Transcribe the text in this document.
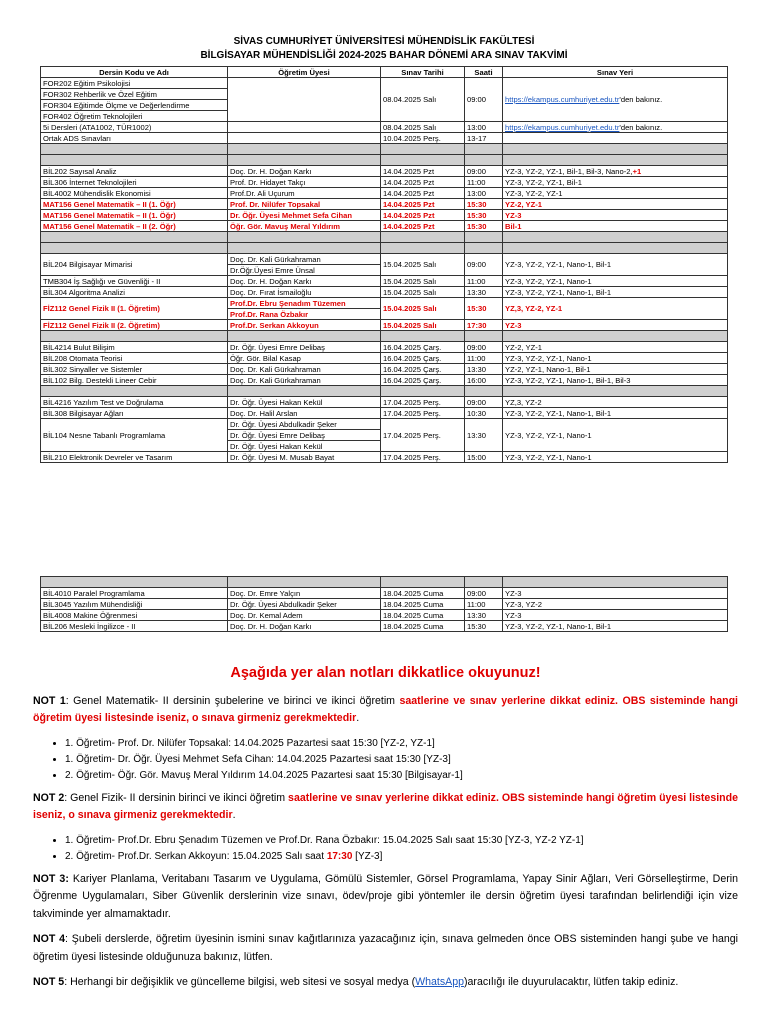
SİVAS CUMHURİYET ÜNİVERSİTESİ MÜHENDİSLİK FAKÜLTESİ
BİLGİSAYAR MÜHENDİSLİĞİ 2024-2025 BAHAR DÖNEMİ ARA SINAV TAKVİMİ
Dersin Kodu ve Adı	Öğretim Üyesi	Sınav Tarihi	Saati	Sınav Yeri
FOR202 Eğitim Psikolojisi		08.04.2025 Salı	09:00	https://ekampus.cumhuriyet.edu.tr'den bakınız.
FOR302 Rehberlik ve Özel Eğitim				
FOR304 Eğitimde Ölçme ve Değerlendirme				
FOR402 Öğretim Teknolojileri				
5i Dersleri (ATA1002, TÜR1002)		08.04.2025 Salı	13:00	https://ekampus.cumhuriyet.edu.tr'den bakınız.
Ortak ADS Sınavları		10.04.2025 Perş.	13-17	

BİL202 Sayısal Analiz	Doç. Dr. H. Doğan Karkı	14.04.2025 Pzt	09:00	YZ-3, YZ-2, YZ-1, Bil-1, Bil-3, Nano-2,+1
BİL306 İnternet Teknolojileri	Prof. Dr. Hidayet Takçı	14.04.2025 Pzt	11:00	YZ-3, YZ-2, YZ-1, Bil-1
BİL4002 Mühendislik Ekonomisi	Prof.Dr. Ali Uçurum	14.04.2025 Pzt	13:00	YZ-3, YZ-2, YZ-1
MAT156 Genel Matematik – II (1. Öğr)	Prof. Dr. Nilüfer Topsakal	14.04.2025 Pzt	15:30	YZ-2, YZ-1
MAT156 Genel Matematik – II (1. Öğr)	Dr. Öğr. Üyesi Mehmet Sefa Cihan	14.04.2025 Pzt	15:30	YZ-3
MAT156 Genel Matematik – II (2. Öğr)	Öğr. Gör. Mavuş Meral Yıldırım	14.04.2025 Pzt	15:30	Bil-1

BİL204 Bilgisayar Mimarisi	Doç. Dr. Kali Gürkahraman	15.04.2025 Salı	09:00	YZ-3, YZ-2, YZ-1, Nano-1, Bil-1
	Dr.Öğr.Üyesi Emre Ünsal			
TMB304 İş Sağlığı ve Güvenliği - II	Doç. Dr. H. Doğan Karkı	15.04.2025 Salı	11:00	YZ-3, YZ-2, YZ-1, Nano-1
BİL304 Algoritma Analizi	Doç. Dr. Fırat İsmailoğlu	15.04.2025 Salı	13:30	YZ-3, YZ-2, YZ-1, Nano-1, Bil-1
FİZ112 Genel Fizik II (1. Öğretim)	Prof.Dr. Ebru Şenadım Tüzemen	15.04.2025 Salı	15:30	YZ,3, YZ-2, YZ-1
	Prof.Dr. Rana Özbakır			
FİZ112 Genel Fizik II (2. Öğretim)	Prof.Dr. Serkan Akkoyun	15.04.2025 Salı	17:30	YZ-3

BİL4214 Bulut Bilişim	Dr. Öğr. Üyesi Emre Delibaş	16.04.2025 Çarş.	09:00	YZ-2, YZ-1
BİL208 Otomata Teorisi	Öğr. Gör. Bilal Kasap	16.04.2025 Çarş.	11:00	YZ-3, YZ-2, YZ-1, Nano-1
BİL302 Sinyaller ve Sistemler	Doç. Dr. Kali Gürkahraman	16.04.2025 Çarş.	13:30	YZ-2, YZ-1, Nano-1, Bil-1
BİL102 Bilg. Destekli Lineer Cebir	Doç. Dr. Kali Gürkahraman	16.04.2025 Çarş.	16:00	YZ-3, YZ-2, YZ-1, Nano-1, Bil-1, Bil-3

BİL4216 Yazılım Test ve Doğrulama	Dr. Öğr. Üyesi Hakan Kekül	17.04.2025 Perş.	09:00	YZ,3, YZ-2
BİL308 Bilgisayar Ağları	Doç. Dr. Halil Arslan	17.04.2025 Perş.	10:30	YZ-3, YZ-2, YZ-1, Nano-1, Bil-1
BİL104 Nesne Tabanlı Programlama	Dr. Öğr. Üyesi Abdulkadir Şeker	17.04.2025 Perş.	13:30	YZ-3, YZ-2, YZ-1, Nano-1
	Dr. Öğr. Üyesi Emre Delibaş			
	Dr. Öğr. Üyesi Hakan Kekül			
BİL210 Elektronik Devreler ve Tasarım	Dr. Öğr. Üyesi M. Musab Bayat	17.04.2025 Perş.	15:00	YZ-3, YZ-2, YZ-1, Nano-1

BİL4010 Paralel Programlama	Doç. Dr. Emre Yalçın	18.04.2025 Cuma	09:00	YZ-3
BİL3045 Yazılım Mühendisliği	Dr. Öğr. Üyesi Abdulkadir Şeker	18.04.2025 Cuma	11:00	YZ-3, YZ-2
BİL4008 Makine Öğrenmesi	Doç. Dr. Kemal Adem	18.04.2025 Cuma	13:30	YZ-3
BİL206 Mesleki İngilizce - II	Doç. Dr. H. Doğan Karkı	18.04.2025 Cuma	15:30	YZ-3, YZ-2, YZ-1, Nano-1, Bil-1
Aşağıda yer alan notları dikkatlice okuyunuz!

NOT 1: Genel Matematik- II dersinin şubelerine ve birinci ve ikinci öğretim saatlerine ve sınav yerlerine dikkat ediniz. OBS sisteminde hangi öğretim üyesi listesinde iseniz, o sınava girmeniz gerekmektedir.

• 1. Öğretim- Prof. Dr. Nilüfer Topsakal: 14.04.2025 Pazartesi saat 15:30 [YZ-2, YZ-1]
• 1. Öğretim- Dr. Öğr. Üyesi Mehmet Sefa Cihan: 14.04.2025 Pazartesi saat 15:30 [YZ-3]
• 2. Öğretim- Öğr. Gör. Mavuş Meral Yıldırım 14.04.2025 Pazartesi saat 15:30 [Bilgisayar-1]

NOT 2: Genel Fizik- II dersinin birinci ve ikinci öğretim saatlerine ve sınav yerlerine dikkat ediniz. OBS sisteminde hangi öğretim üyesi listesinde iseniz, o sınava girmeniz gerekmektedir.

• 1. Öğretim- Prof.Dr. Ebru Şenadım Tüzemen ve Prof.Dr. Rana Özbakır: 15.04.2025 Salı saat 15:30 [YZ-3, YZ-2 YZ-1]
• 2. Öğretim- Prof.Dr. Serkan Akkoyun: 15.04.2025 Salı saat 17:30 [YZ-3]

NOT 3: Kariyer Planlama, Veritabanı Tasarım ve Uygulama, Gömülü Sistemler, Görsel Programlama, Yapay Sinir Ağları, Veri Görselleştirme, Derin Öğrenme Uygulamaları, Siber Güvenlik derslerinin vize sınavı, ödev/proje gibi yöntemler ile dersin öğretim üyesi tarafından belirlendiği için vize takviminde yer almamaktadır.

NOT 4: Şubeli derslerde, öğretim üyesinin ismini sınav kağıtlarınıza yazacağınız için, sınava gelmeden önce OBS sisteminden hangi şube ve hangi öğretim üyesi listesinde olduğunuza bakınız, lütfen.

NOT 5: Herhangi bir değişiklik ve güncelleme bilgisi, web sitesi ve sosyal medya (WhatsApp)aracılığı ile duyurulacaktır, lütfen takip ediniz.
